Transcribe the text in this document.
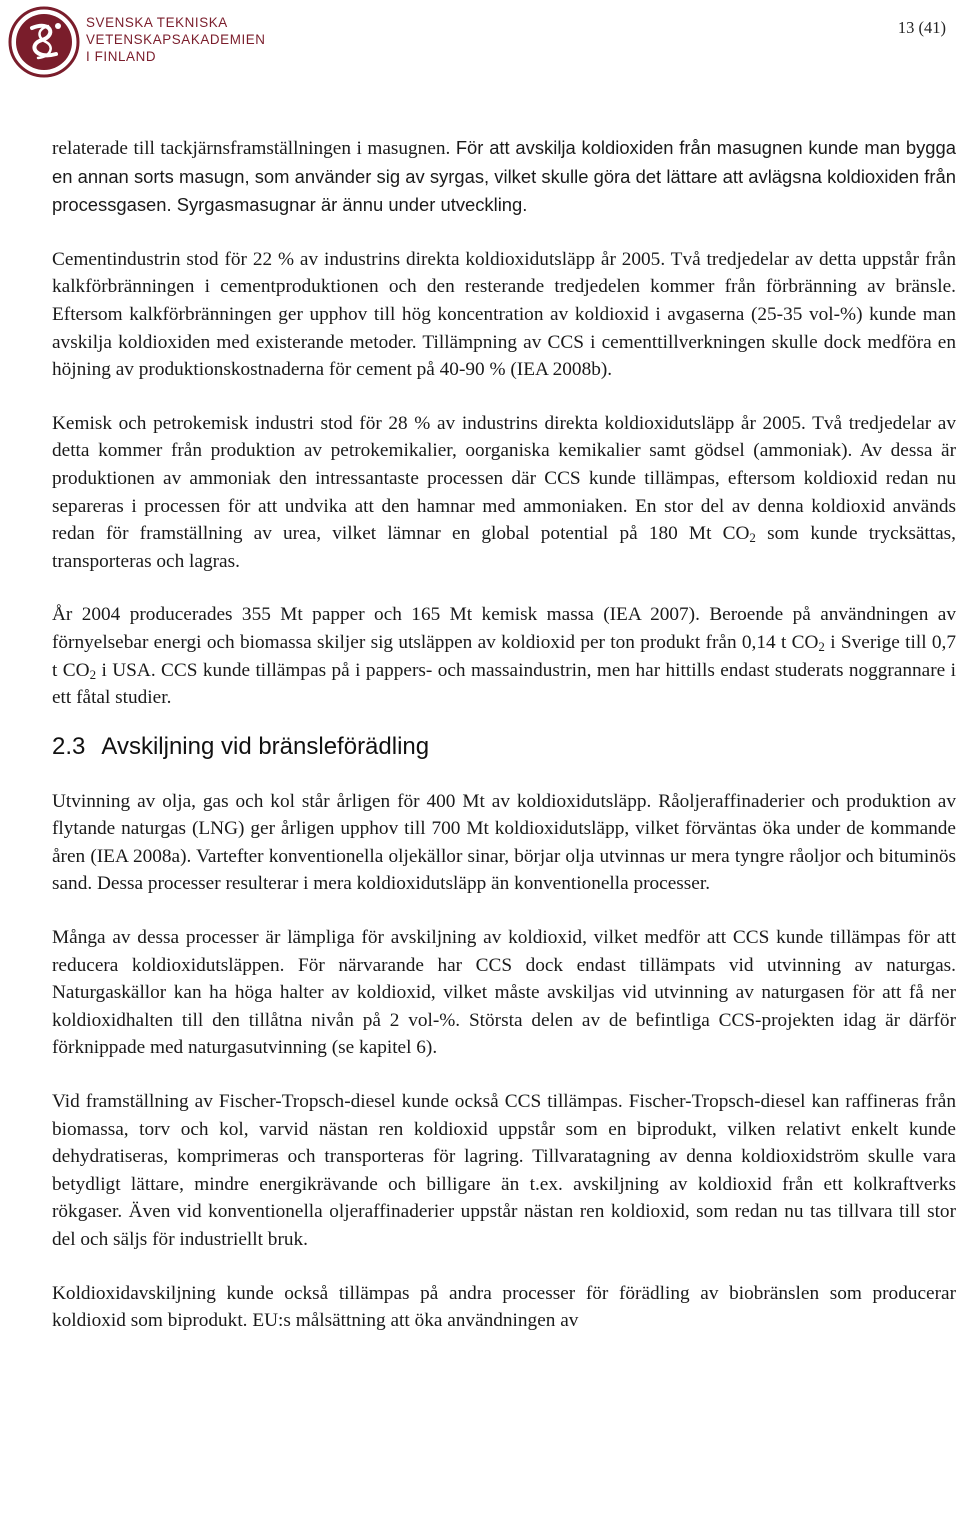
SVENSKA TEKNISKA
VETENSKAPSAKADEMIEN
I FINLAND
13 (41)

relaterade till tackjärnsframställningen i masugnen. För att avskilja koldioxiden från masugnen kunde man bygga en annan sorts masugn, som använder sig av syrgas, vilket skulle göra det lättare att avlägsna koldioxiden från processgasen. Syrgasmasugnar är ännu under utveckling.

Cementindustrin stod för 22 % av industrins direkta koldioxidutsläpp år 2005. Två tredjedelar av detta uppstår från kalkförbränningen i cementproduktionen och den resterande tredjedelen kommer från förbränning av bränsle. Eftersom kalkförbränningen ger upphov till hög koncentration av koldioxid i avgaserna (25-35 vol-%) kunde man avskilja koldioxiden med existerande metoder. Tillämpning av CCS i cementtillverkningen skulle dock medföra en höjning av produktionskostnaderna för cement på 40-90 % (IEA 2008b).

Kemisk och petrokemisk industri stod för 28 % av industrins direkta koldioxidutsläpp år 2005. Två tredjedelar av detta kommer från produktion av petrokemikalier, oorganiska kemikalier samt gödsel (ammoniak). Av dessa är produktionen av ammoniak den intressantaste processen där CCS kunde tillämpas, eftersom koldioxid redan nu separeras i processen för att undvika att den hamnar med ammoniaken. En stor del av denna koldioxid används redan för framställning av urea, vilket lämnar en global potential på 180 Mt $CO_2$ som kunde trycksättas, transporteras och lagras.

År 2004 producerades 355 Mt papper och 165 Mt kemisk massa (IEA 2007). Beroende på användningen av förnyelsebar energi och biomassa skiljer sig utsläppen av koldioxid per ton produkt från 0,14 t $CO_2$ i Sverige till 0,7 t $CO_2$ i USA. CCS kunde tillämpas på i pappers- och massaindustrin, men har hittills endast studerats noggrannare i ett fåtal studier.

2.3 Avskiljning vid bränsleförädling

Utvinning av olja, gas och kol står årligen för 400 Mt av koldioxidutsläpp. Råoljeraffinaderier och produktion av flytande naturgas (LNG) ger årligen upphov till 700 Mt koldioxidutsläpp, vilket förväntas öka under de kommande åren (IEA 2008a). Vartefter konventionella oljekällor sinar, börjar olja utvinnas ur mera tyngre råoljor och bituminös sand. Dessa processer resulterar i mera koldioxidutsläpp än konventionella processer.

Många av dessa processer är lämpliga för avskiljning av koldioxid, vilket medför att CCS kunde tillämpas för att reducera koldioxidutsläppen. För närvarande har CCS dock endast tillämpats vid utvinning av naturgas. Naturgaskällor kan ha höga halter av koldioxid, vilket måste avskiljas vid utvinning av naturgasen för att få ner koldioxidhalten till den tillåtna nivån på 2 vol-%. Största delen av de befintliga CCS-projekten idag är därför förknippade med naturgasutvinning (se kapitel 6).

Vid framställning av Fischer-Tropsch-diesel kunde också CCS tillämpas. Fischer-Tropsch-diesel kan raffineras från biomassa, torv och kol, varvid nästan ren koldioxid uppstår som en biprodukt, vilken relativt enkelt kunde dehydratiseras, komprimeras och transporteras för lagring. Tillvaratagning av denna koldioxidström skulle vara betydligt lättare, mindre energikrävande och billigare än t.ex. avskiljning av koldioxid från ett kolkraftverks rökgaser. Även vid konventionella oljeraffinaderier uppstår nästan ren koldioxid, som redan nu tas tillvara till stor del och säljs för industriellt bruk.

Koldioxidavskiljning kunde också tillämpas på andra processer för förädling av biobränslen som producerar koldioxid som biprodukt. EU:s målsättning att öka användningen av
